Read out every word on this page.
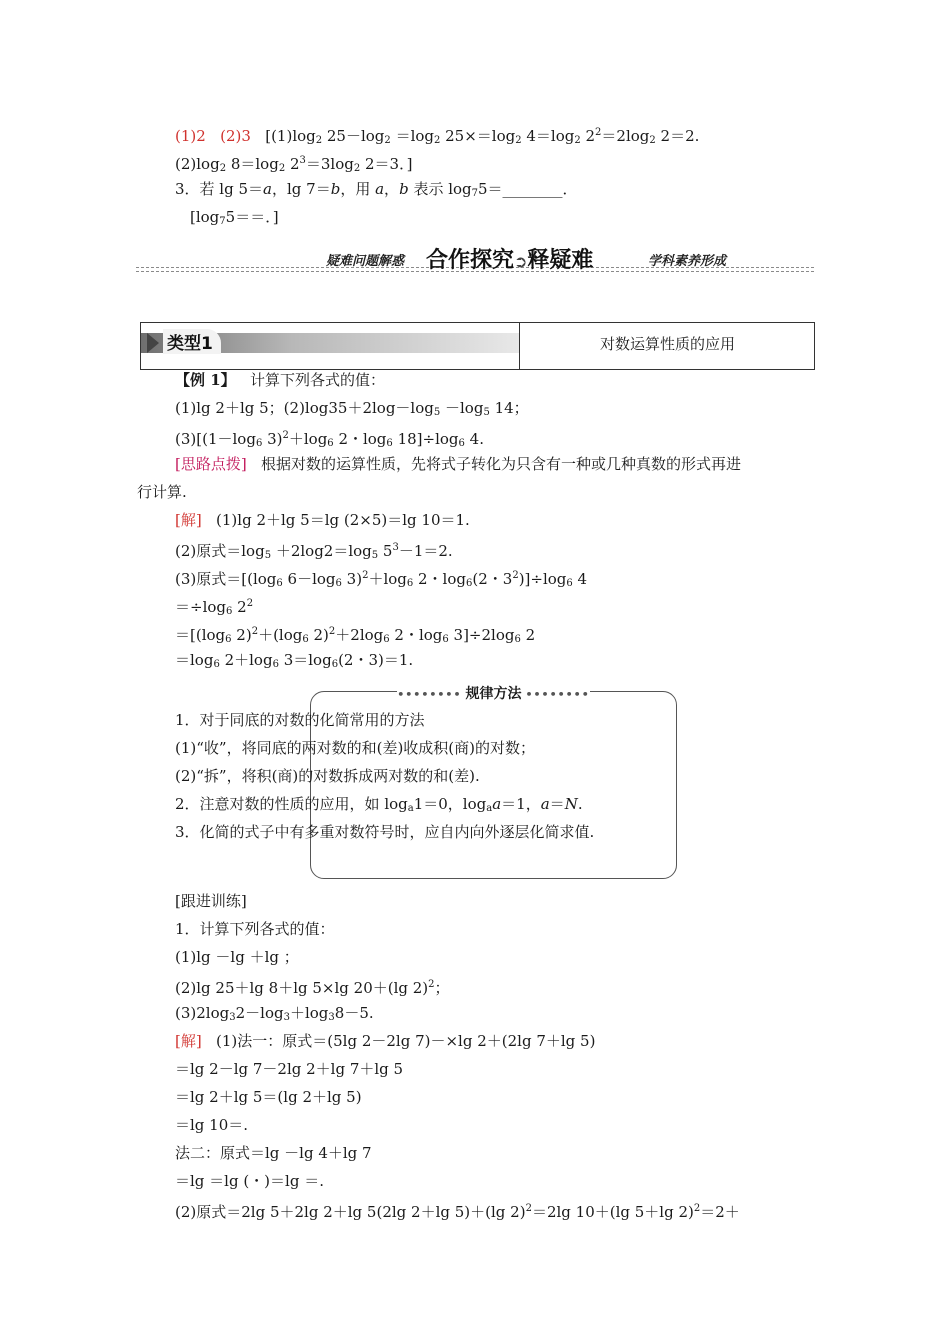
(1)2 (2)3 [$(1)\log_2$ $25-\log_2 =\log_2$ $25\times=\log_2$ $4=\log_2$ $2^2=2\log_2$ 2＝2.
$(2)\log_2$ $8=\log_2$ $2^3=3\log_2$ 2＝3．]
3．若 lg 5＝a，lg 7＝b，用 a，b 表示 $\log_75=\_\_\_\_\_\_\_\_$．
[$\log_75==$．]
疑难问题解惑 合作探究➲释疑难	学科素养形成
类型1	对数运算性质的应用
【例 1】 计算下列各式的值：
(1)lg 2＋lg 5；$(2)\log 35+2\log-\log_5 -\log_5$ 14；
$(3)[(1-\log_6$ $3)^2+\log_6$ 2・$\log_6 18]\div\log_6$ 4.
[思路点拨] 根据对数的运算性质，先将式子转化为只含有一种或几种真数的形式再进
行计算.
[解] (1)lg 2＋lg 5＝lg (2×5)＝lg 10＝1.
(2)原式$=\log_5 +2\log 2=\log_5$ $5^3-1=2$.
(3)原式$=[(\log_6$ $6-\log_6$ $3)^2+\log_6$ 2・$\log_6(2$・$3^2)]\div\log_6$ 4
$=\div\log_6$ $2^2$
$=[(\log_6$ $2)^2+(\log_6$ $2)^2+2\log_6$ 2・$\log_6 3]\div 2\log_6$ 2
$=\log_6$ $2+\log_6$ $3=\log_6(2$・3)＝1.
•••••••• 规律方法 ••••••••
1．对于同底的对数的化简常用的方法
(1)“收”，将同底的两对数的和(差)收成积(商)的对数；
(2)“拆”，将积(商)的对数拆成两对数的和(差).
2．注意对数的性质的应用，如 $\log_a1=0$，$\log_aa=1$，a＝N.
3．化简的式子中有多重对数符号时，应自内向外逐层化简求值.
[跟进训练]
1．计算下列各式的值：
(1)lg －lg ＋lg ；
(2)lg 25＋lg 8＋lg 5×lg 20＋(lg 2)$^2$；
$(3)2\log_32-\log_3+\log_38-5$.
[解] (1)法一：原式＝(5lg 2－2lg 7)－×lg 2＋(2lg 7＋lg 5)
＝lg 2－lg 7－2lg 2＋lg 7＋lg 5
＝lg 2＋lg 5＝(lg 2＋lg 5)
＝lg 10＝.
法二：原式＝lg －lg 4＋lg 7
＝lg ＝lg (・)＝lg ＝.
(2)原式＝2lg 5＋2lg 2＋lg 5(2lg 2＋lg 5)＋(lg 2)$^2$＝2lg 10＋(lg 5＋lg 2)$^2$＝2＋
